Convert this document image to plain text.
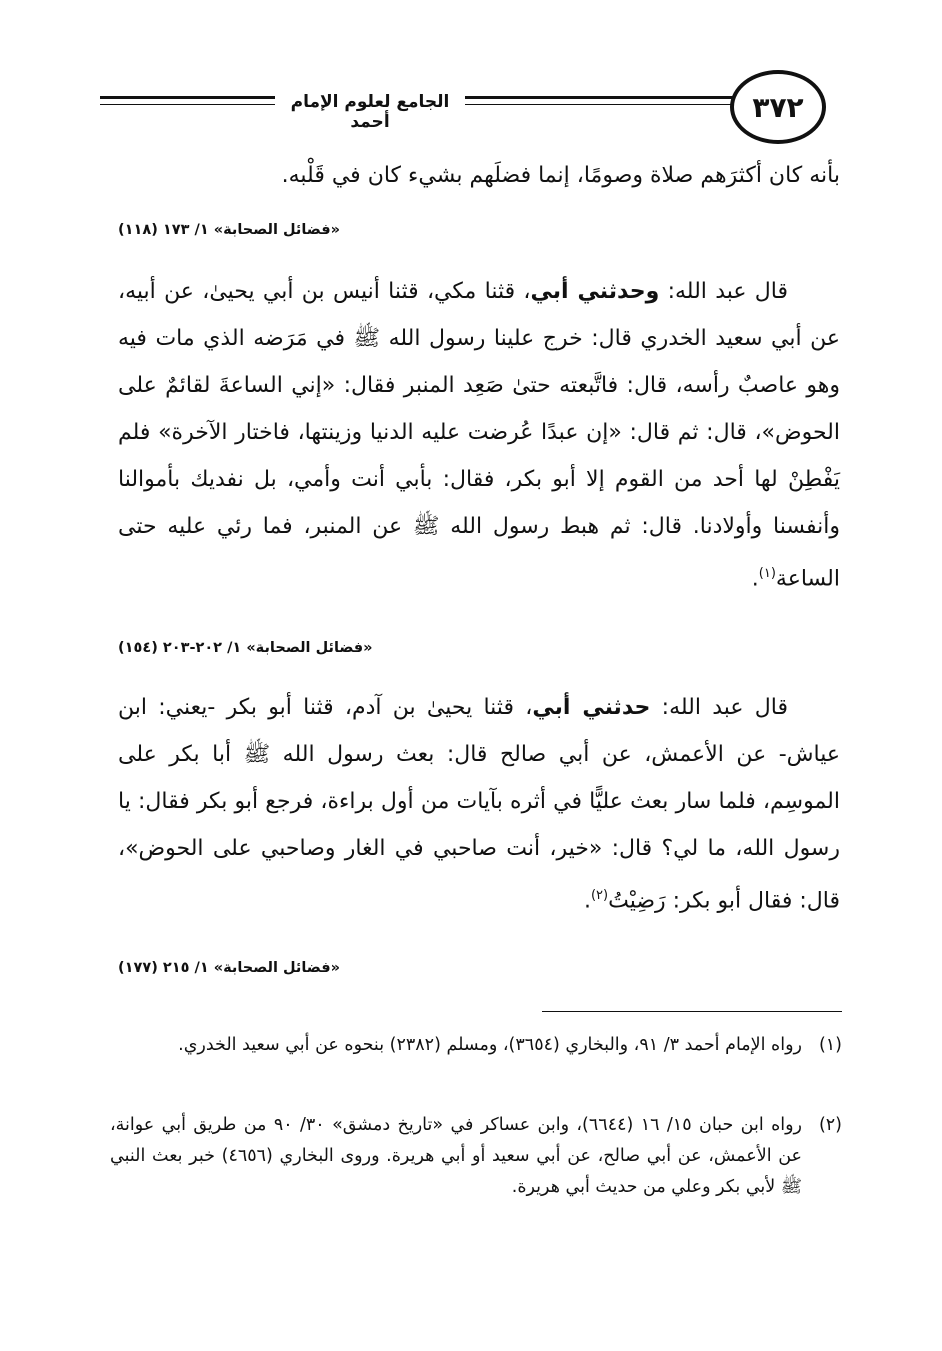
الجامع لعلوم الإمام أحمد	٣٧٢
بأنه كان أكثرَهم صلاة وصومًا، إنما فضلَهم بشيء كان في قَلْبه.
«فضائل الصحابة» ١/ ١٧٣ (١١٨)
قال عبد الله: وحدثني أبي، قثنا مكي، قثنا أنيس بن أبي يحيىٰ، عن أبيه، عن أبي سعيد الخدري قال: خرج علينا رسول الله ﷺ في مَرَضه الذي مات فيه وهو عاصبٌ رأسه، قال: فاتَّبعته حتىٰ صَعِد المنبر فقال: «إني الساعةَ لقائمٌ على الحوض»، قال: ثم قال: «إن عبدًا عُرضت عليه الدنيا وزينتها، فاختار الآخرة» فلم يَفْطِنْ لها أحد من القوم إلا أبو بكر، فقال: بأبي أنت وأمي، بل نفديك بأموالنا وأنفسنا وأولادنا. قال: ثم هبط رسول الله ﷺ عن المنبر، فما رئي عليه حتى الساعة$^{(١)}$.
«فضائل الصحابة» ١/ ٢٠٢-٢٠٣ (١٥٤)
قال عبد الله: حدثني أبي، قثنا يحيىٰ بن آدم، قثنا أبو بكر -يعني: ابن عياش- عن الأعمش، عن أبي صالح قال: بعث رسول الله ﷺ أبا بكر على الموسِم، فلما سار بعث عليًّا في أثره بآيات من أول براءة، فرجع أبو بكر فقال: يا رسول الله، ما لي؟ قال: «خير، أنت صاحبي في الغار وصاحبي على الحوض»، قال: فقال أبو بكر: رَضِيْتُ$^{(٢)}$.
«فضائل الصحابة» ١/ ٢١٥ (١٧٧)
(١)
رواه الإمام أحمد ٣/ ٩١، والبخاري (٣٦٥٤)، ومسلم (٢٣٨٢) بنحوه عن أبي سعيد الخدري.
(٢)
رواه ابن حبان ١٥/ ١٦ (٦٦٤٤)، وابن عساكر في «تاريخ دمشق» ٣٠/ ٩٠ من طريق أبي عوانة، عن الأعمش، عن أبي صالح، عن أبي سعيد أو أبي هريرة. وروى البخاري (٤٦٥٦) خبر بعث النبي ﷺ لأبي بكر وعلي من حديث أبي هريرة.
